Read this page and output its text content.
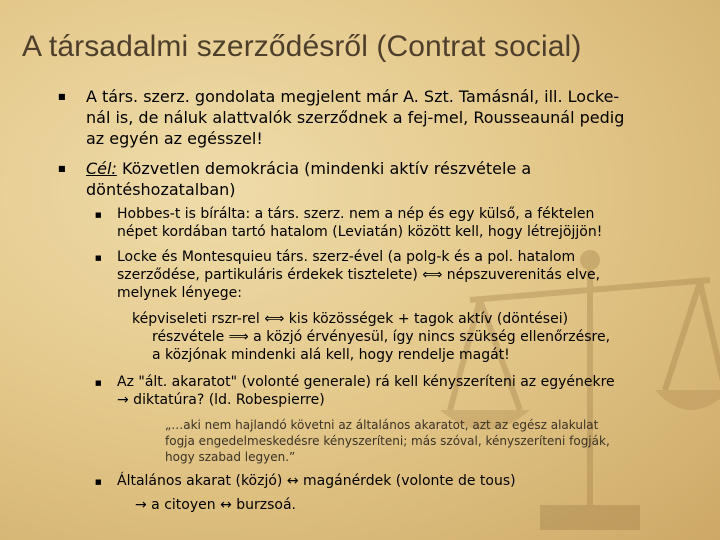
A társadalmi szerződésről (Contrat social)
■ A társ. szerz. gondolata megjelent már A. Szt. Tamásnál, ill. Locke-
nál is, de náluk alattvalók szerződnek a fej-mel, Rousseaunál pedig
az egyén az egésszel!
■ Cél: Közvetlen demokrácia (mindenki aktív részvétele a
döntéshozatalban)
■ Hobbes-t is bírálta: a társ. szerz. nem a nép és egy külső, a féktelen
népet kordában tartó hatalom (Leviatán) között kell, hogy létrejöjjön!
■ Locke és Montesquieu társ. szerz-ével (a polg-k és a pol. hatalom
szerződése, partikuláris érdekek tisztelete) ⟺ népszuverenitás elve,
melynek lényege:
képviseleti rszr-rel ⟺ kis közösségek + tagok aktív (döntései)
részvétele ⟹ a közjó érvényesül, így nincs szükség ellenőrzésre,
a közjónak mindenki alá kell, hogy rendelje magát!
■ Az "ált. akaratot" (volonté generale) rá kell kényszeríteni az egyénekre
→ diktatúra? (ld. Robespierre)
„…aki nem hajlandó követni az általános akaratot, azt az egész alakulat
fogja engedelmeskedésre kényszeríteni; más szóval, kényszeríteni fogják,
hogy szabad legyen.”
■ Általános akarat (közjó) ↔ magánérdek (volonte de tous)
→ a citoyen ↔ burzsoá.
